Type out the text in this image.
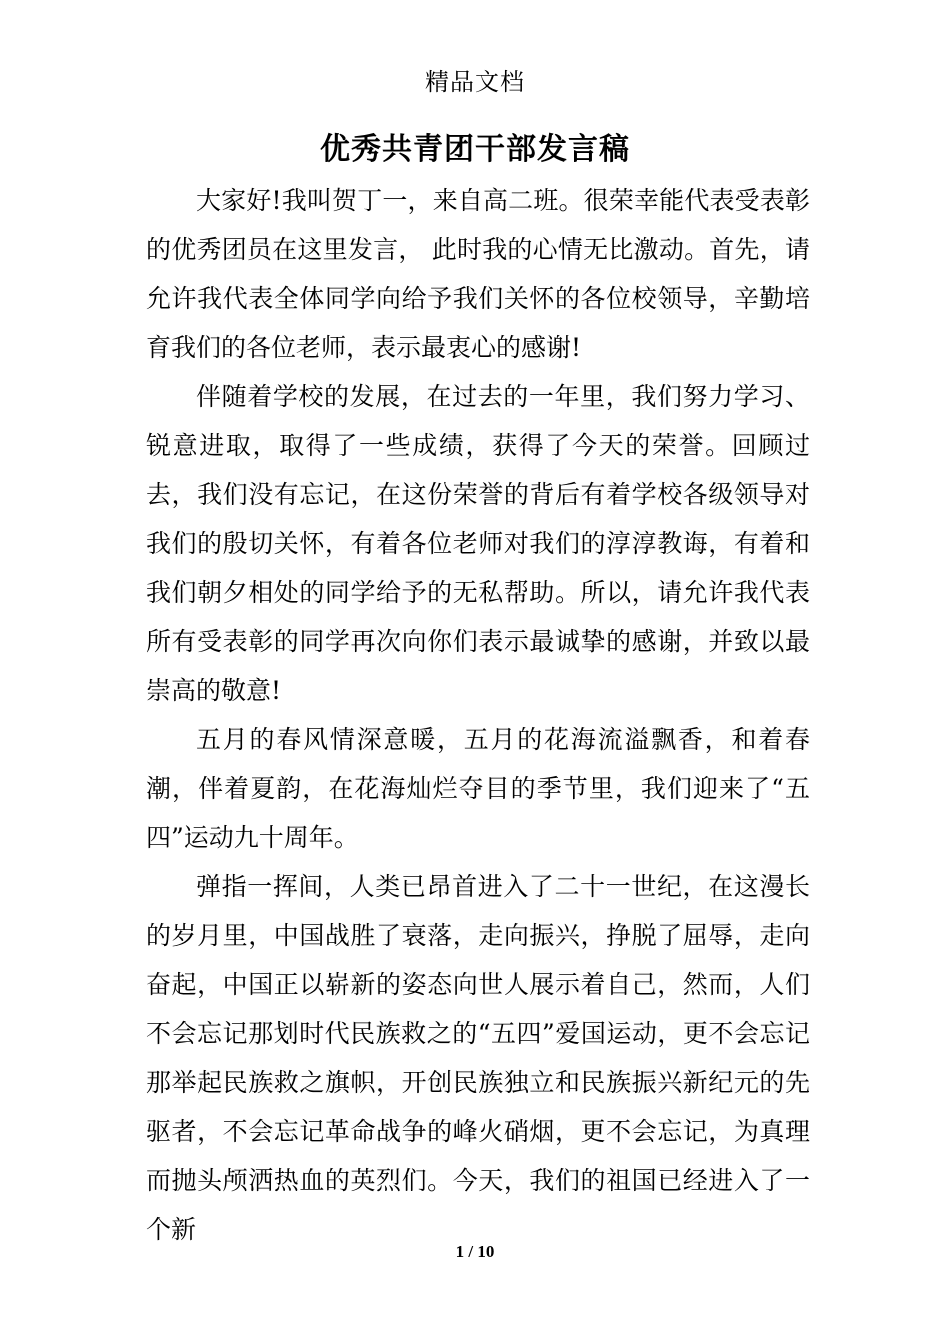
精品文档
优秀共青团干部发言稿

大家好!我叫贺丁一，来自高二班。很荣幸能代表受表彰的优秀团员在这里发言， 此时我的心情无比激动。首先，请允许我代表全体同学向给予我们关怀的各位校领导，辛勤培育我们的各位老师，表示最衷心的感谢!

伴随着学校的发展，在过去的一年里，我们努力学习、锐意进取，取得了一些成绩，获得了今天的荣誉。回顾过去，我们没有忘记，在这份荣誉的背后有着学校各级领导对我们的殷切关怀，有着各位老师对我们的淳淳教诲，有着和我们朝夕相处的同学给予的无私帮助。所以，请允许我代表所有受表彰的同学再次向你们表示最诚挚的感谢，并致以最崇高的敬意!

五月的春风情深意暖，五月的花海流溢飘香，和着春潮，伴着夏韵，在花海灿烂夺目的季节里，我们迎来了“五四”运动九十周年。

弹指一挥间，人类已昂首进入了二十一世纪，在这漫长的岁月里，中国战胜了衰落，走向振兴，挣脱了屈辱，走向奋起，中国正以崭新的姿态向世人展示着自己，然而，人们不会忘记那划时代民族救之的“五四”爱国运动，更不会忘记那举起民族救之旗帜，开创民族独立和民族振兴新纪元的先驱者，不会忘记革命战争的峰火硝烟，更不会忘记，为真理而抛头颅洒热血的英烈们。今天，我们的祖国已经进入了一个新

1 / 10
